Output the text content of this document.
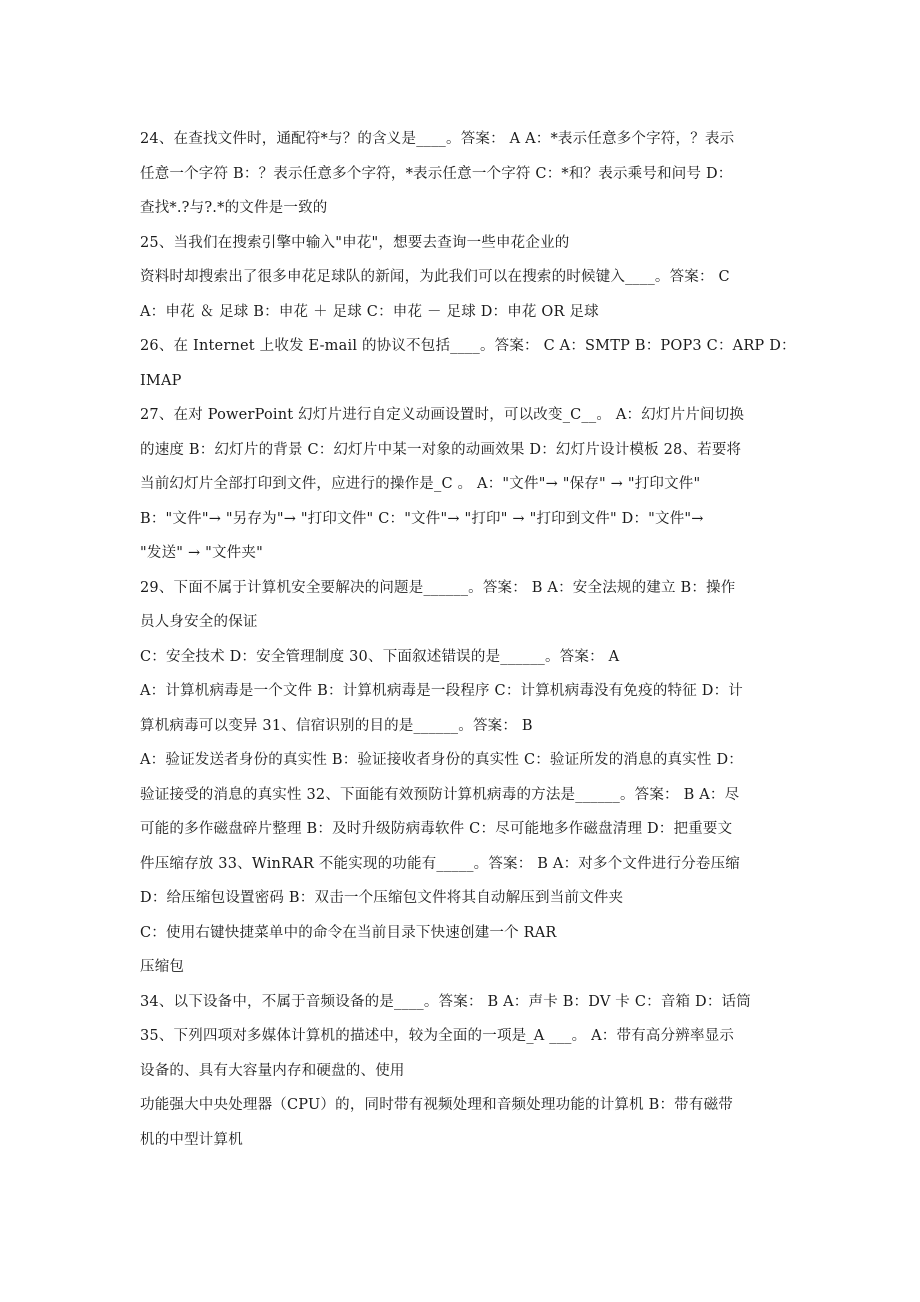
24、在查找文件时，通配符*与？的含义是____。答案： A A：*表示任意多个字符，？表示
任意一个字符 B：？表示任意多个字符，*表示任意一个字符 C：*和？表示乘号和问号 D：
查找*.?与?.*的文件是一致的
25、当我们在搜索引擎中输入"申花"，想要去查询一些申花企业的
资料时却搜索出了很多申花足球队的新闻，为此我们可以在搜索的时候键入____。答案： C
A：申花 ＆ 足球 B：申花 ＋ 足球 C：申花 － 足球 D：申花 OR 足球
26、在 Internet 上收发 E-mail 的协议不包括____。答案： C A：SMTP B：POP3 C：ARP D：
IMAP
27、在对 PowerPoint 幻灯片进行自定义动画设置时，可以改变_C__。 A：幻灯片片间切换
的速度 B：幻灯片的背景 C：幻灯片中某一对象的动画效果 D：幻灯片设计模板 28、若要将
当前幻灯片全部打印到文件，应进行的操作是_C 。 A："文件"→ "保存" → "打印文件"
B："文件"→ "另存为"→ "打印文件" C："文件"→ "打印" → "打印到文件" D："文件"→
"发送" → "文件夹"
29、下面不属于计算机安全要解决的问题是______。答案： B A：安全法规的建立 B：操作
员人身安全的保证
C：安全技术 D：安全管理制度 30、下面叙述错误的是______。答案： A
A：计算机病毒是一个文件 B：计算机病毒是一段程序 C：计算机病毒没有免疫的特征 D：计
算机病毒可以变异 31、信宿识别的目的是______。答案： B
A：验证发送者身份的真实性 B：验证接收者身份的真实性 C：验证所发的消息的真实性 D：
验证接受的消息的真实性 32、下面能有效预防计算机病毒的方法是______。答案： B A：尽
可能的多作磁盘碎片整理 B：及时升级防病毒软件 C：尽可能地多作磁盘清理 D：把重要文
件压缩存放 33、WinRAR 不能实现的功能有_____。答案： B A：对多个文件进行分卷压缩
D：给压缩包设置密码 B：双击一个压缩包文件将其自动解压到当前文件夹
C：使用右键快捷菜单中的命令在当前目录下快速创建一个 RAR
压缩包
34、以下设备中，不属于音频设备的是____。答案： B A：声卡 B：DV 卡 C：音箱 D：话筒
35、下列四项对多媒体计算机的描述中，较为全面的一项是_A ___。 A：带有高分辨率显示
设备的、具有大容量内存和硬盘的、使用
功能强大中央处理器（CPU）的，同时带有视频处理和音频处理功能的计算机 B：带有磁带
机的中型计算机
